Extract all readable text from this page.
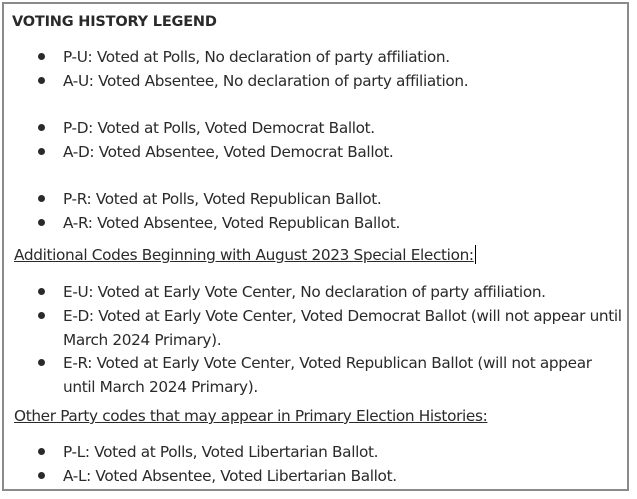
VOTING HISTORY LEGEND
P-U: Voted at Polls, No declaration of party affiliation.
A-U: Voted Absentee, No declaration of party affiliation.
P-D: Voted at Polls, Voted Democrat Ballot.
A-D: Voted Absentee, Voted Democrat Ballot.
P-R: Voted at Polls, Voted Republican Ballot.
A-R: Voted Absentee, Voted Republican Ballot.
Additional Codes Beginning with August 2023 Special Election:
E-U: Voted at Early Vote Center, No declaration of party affiliation.
E-D: Voted at Early Vote Center, Voted Democrat Ballot (will not appear until March 2024 Primary).
E-R: Voted at Early Vote Center, Voted Republican Ballot (will not appear until March 2024 Primary).
Other Party codes that may appear in Primary Election Histories:
P-L: Voted at Polls, Voted Libertarian Ballot.
A-L: Voted Absentee, Voted Libertarian Ballot.
